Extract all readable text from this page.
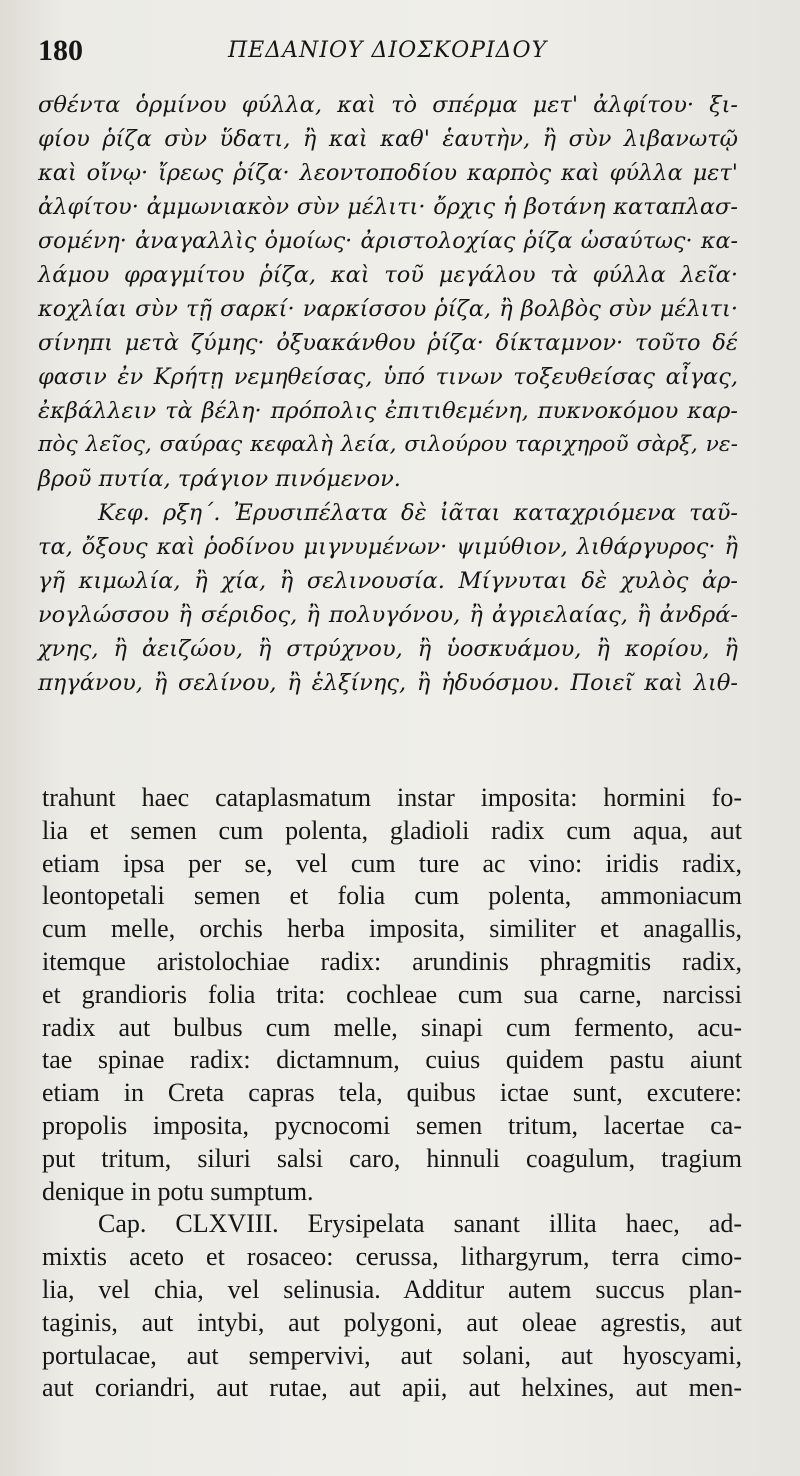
180	ΠΕΔΑΝΙΟΥ ΔΙΟΣΚΟΡΙΔΟΥ
σθέντα ὁρμίνου φύλλα, καὶ τὸ σπέρμα μετ' ἀλφίτου· ξι-
φίου ῥίζα σὺν ὕδατι, ἢ καὶ καθ' ἑαυτὴν, ἢ σὺν λιβανωτῷ
καὶ οἴνῳ· ἴρεως ῥίζα· λεοντοποδίου καρπὸς καὶ φύλλα μετ'
ἀλφίτου· ἀμμωνιακὸν σὺν μέλιτι· ὄρχις ἡ βοτάνη καταπλασ-
σομένη· ἀναγαλλὶς ὁμοίως· ἀριστολοχίας ῥίζα ὡσαύτως· κα-
λάμου φραγμίτου ῥίζα, καὶ τοῦ μεγάλου τὰ φύλλα λεῖα·
κοχλίαι σὺν τῇ σαρκί· ναρκίσσου ῥίζα, ἢ βολβὸς σὺν μέλιτι·
σίνηπι μετὰ ζύμης· ὀξυακάνθου ῥίζα· δίκταμνον· τοῦτο δέ
φασιν ἐν Κρήτῃ νεμηθείσας, ὑπό τινων τοξευθείσας αἶγας,
ἐκβάλλειν τὰ βέλη· πρόπολις ἐπιτιθεμένη, πυκνοκόμου καρ-
πὸς λεῖος, σαύρας κεφαλὴ λεία, σιλούρου ταριχηροῦ σὰρξ, νε-
βροῦ πυτία, τράγιον πινόμενον.
Κεφ. ρξη΄. Ἐρυσιπέλατα δὲ ἰᾶται καταχριόμενα ταῦ-
τα, ὄξους καὶ ῥοδίνου μιγνυμένων· ψιμύθιον, λιθάργυρος· ἢ
γῆ κιμωλία, ἢ χία, ἢ σελινουσία. Μίγνυται δὲ χυλὸς ἀρ-
νογλώσσου ἢ σέριδος, ἢ πολυγόνου, ἢ ἀγριελαίας, ἢ ἀνδρά-
χνης, ἢ ἀειζώου, ἢ στρύχνου, ἢ ὑοσκυάμου, ἢ κορίου, ἢ
πηγάνου, ἢ σελίνου, ἢ ἑλξίνης, ἢ ἡδυόσμου. Ποιεῖ καὶ λιθ-
trahunt haec cataplasmatum instar imposita: hormini fo-
lia et semen cum polenta, gladioli radix cum aqua, aut
etiam ipsa per se, vel cum ture ac vino: iridis radix,
leontopetali semen et folia cum polenta, ammoniacum
cum melle, orchis herba imposita, similiter et anagallis,
itemque aristolochiae radix: arundinis phragmitis radix,
et grandioris folia trita: cochleae cum sua carne, narcissi
radix aut bulbus cum melle, sinapi cum fermento, acu-
tae spinae radix: dictamnum, cuius quidem pastu aiunt
etiam in Creta capras tela, quibus ictae sunt, excutere:
propolis imposita, pycnocomi semen tritum, lacertae ca-
put tritum, siluri salsi caro, hinnuli coagulum, tragium
denique in potu sumptum.
Cap. CLXVIII. Erysipelata sanant illita haec, ad-
mixtis aceto et rosaceo: cerussa, lithargyrum, terra cimo-
lia, vel chia, vel selinusia. Additur autem succus plan-
taginis, aut intybi, aut polygoni, aut oleae agrestis, aut
portulacae, aut sempervivi, aut solani, aut hyoscyami,
aut coriandri, aut rutae, aut apii, aut helxines, aut men-
